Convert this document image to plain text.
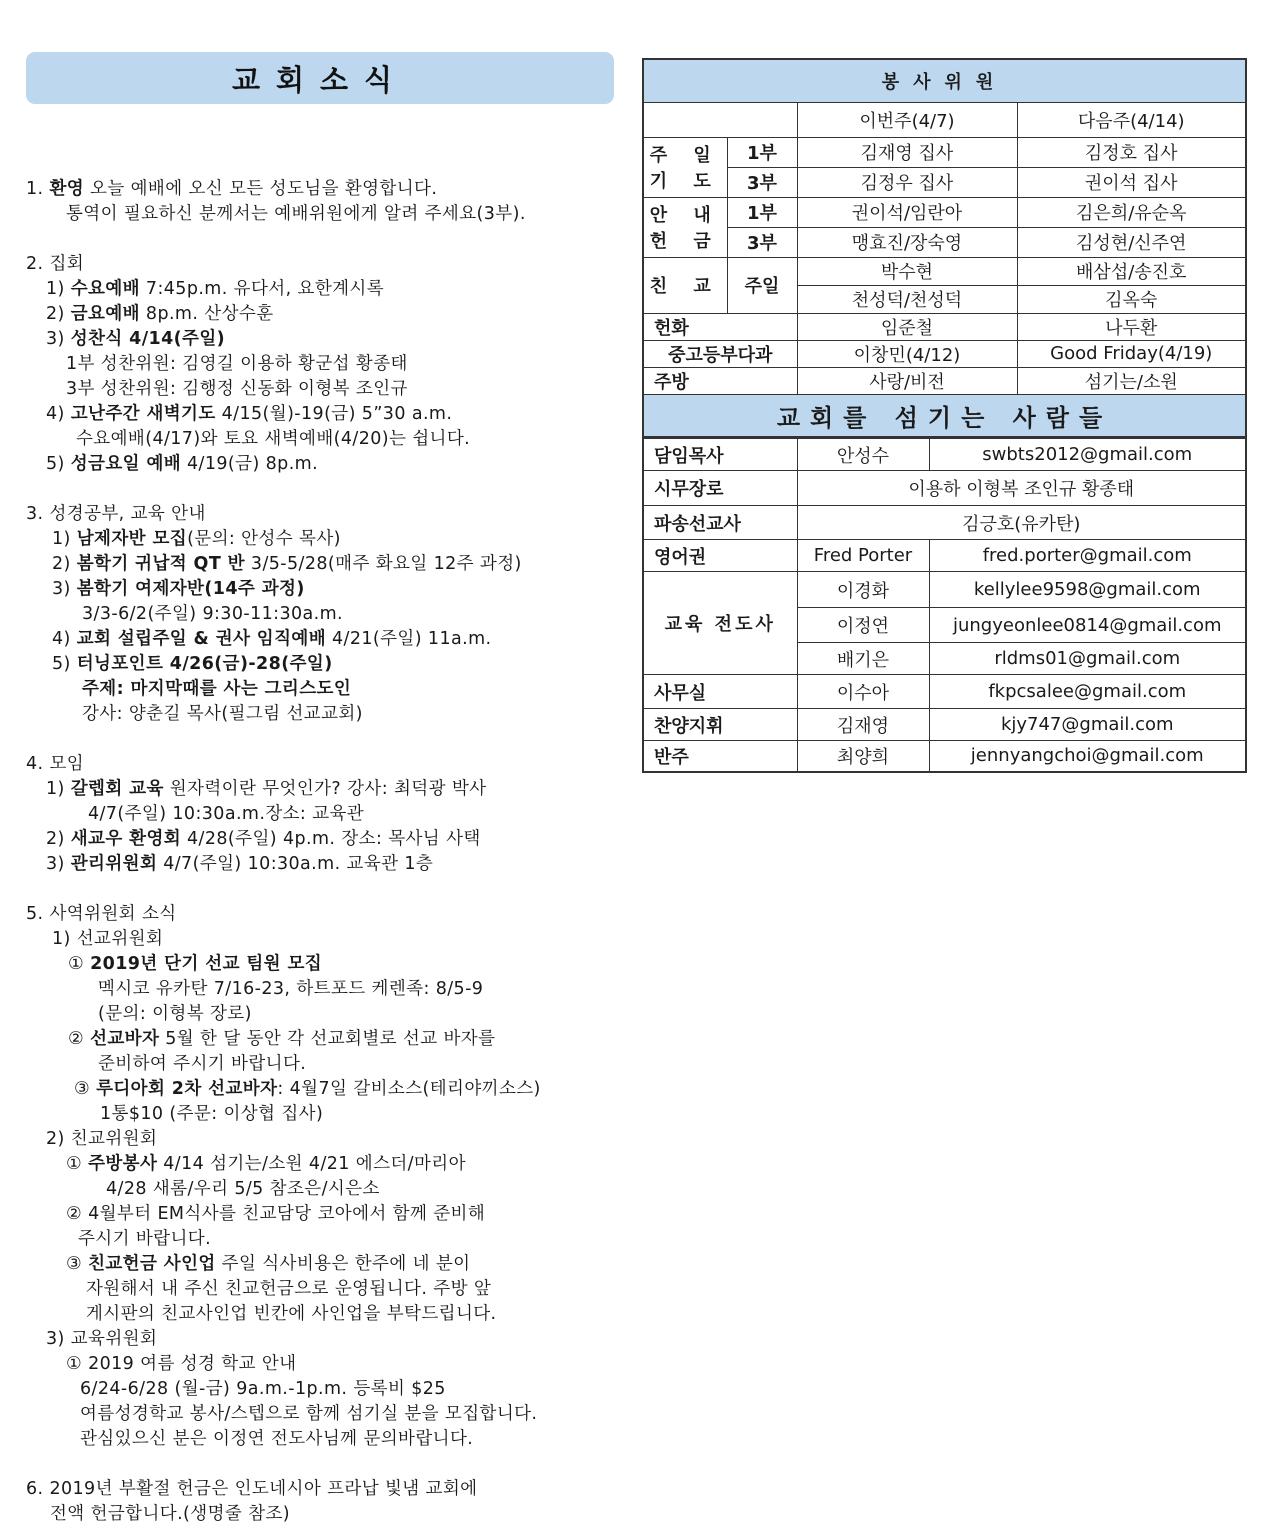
교회소식
1. 환영 오늘 예배에 오신 모든 성도님을 환영합니다.
통역이 필요하신 분께서는 예배위원에게 알려 주세요(3부).
2. 집회
1) 수요예배 7:45p.m. 유다서, 요한계시록
2) 금요예배 8p.m. 산상수훈
3) 성찬식 4/14(주일)
1부 성찬위원: 김영길 이용하 황군섭 황종태
3부 성찬위원: 김행정 신동화 이형복 조인규
4) 고난주간 새벽기도 4/15(월)-19(금) 5”30 a.m.
수요예배(4/17)와 토요 새벽예배(4/20)는 쉽니다.
5) 성금요일 예배 4/19(금) 8p.m.
3. 성경공부, 교육 안내
1) 남제자반 모집(문의: 안성수 목사)
2) 봄학기 귀납적 QT 반 3/5-5/28(매주 화요일 12주 과정)
3) 봄학기 여제자반(14주 과정)
3/3-6/2(주일) 9:30-11:30a.m.
4) 교회 설립주일 & 권사 임직예배 4/21(주일) 11a.m.
5) 터닝포인트 4/26(금)-28(주일)
주제: 마지막때를 사는 그리스도인
강사: 양춘길 목사(필그림 선교교회)
4. 모임
1) 갈렙회 교육 원자력이란 무엇인가? 강사: 최덕광 박사
4/7(주일) 10:30a.m.장소: 교육관
2) 새교우 환영회 4/28(주일) 4p.m. 장소: 목사님 사택
3) 관리위원회 4/7(주일) 10:30a.m. 교육관 1층
5. 사역위원회 소식
1) 선교위원회
① 2019년 단기 선교 팀원 모집
멕시코 유카탄 7/16-23, 하트포드 케렌족: 8/5-9
(문의: 이형복 장로)
② 선교바자 5월 한 달 동안 각 선교회별로 선교 바자를
준비하여 주시기 바랍니다.
③ 루디아회 2차 선교바자: 4월7일 갈비소스(테리야끼소스)
1통$10 (주문: 이상협 집사)
2) 친교위원회
① 주방봉사 4/14 섬기는/소원 4/21 에스더/마리아
4/28 새롬/우리 5/5 참조은/시은소
② 4월부터 EM식사를 친교담당 코아에서 함께 준비해
주시기 바랍니다.
③ 친교헌금 사인업 주일 식사비용은 한주에 네 분이
자원해서 내 주신 친교헌금으로 운영됩니다. 주방 앞
게시판의 친교사인업 빈칸에 사인업을 부탁드립니다.
3) 교육위원회
① 2019 여름 성경 학교 안내
6/24-6/28 (월-금) 9a.m.-1p.m. 등록비 $25
여름성경학교 봉사/스텝으로 함께 섬기실 분을 모집합니다.
관심있으신 분은 이정연 전도사님께 문의바랍니다.
6. 2019년 부활절 헌금은 인도네시아 프라납 빛냄 교회에
전액 헌금합니다.(생명줄 참조)
봉사위원			
		이번주(4/7)	다음주(4/14)

주 일
기 도	1부	김재영 집사	김정호 집사
	3부	김정우 집사	권이석 집사

안 내
헌 금	1부	권이석/임란아	김은희/유순옥
	3부	맹효진/장숙영	김성현/신주연
친 교	주일	박수현	배삼섭/송진호
		천성덕/천성덕	김옥숙
헌화		임준철	나두환
중고등부다과		이창민(4/12)	Good Friday(4/19)
주방		사랑/비전	섬기는/소원
교회를 섬기는 사람들			
담임목사	안성수	swbts2012@gmail.com
시무장로	이용하 이형복 조인규 황종태	
파송선교사	김긍호(유카탄)	
영어권	Fred Porter	fred.porter@gmail.com
교육 전도사	이경화	kellylee9598@gmail.com
	이정연	jungyeonlee0814@gmail.com
	배기은	rldms01@gmail.com
사무실	이수아	fkpcsalee@gmail.com
찬양지휘	김재영	kjy747@gmail.com
반주	최양희	jennyangchoi@gmail.com
